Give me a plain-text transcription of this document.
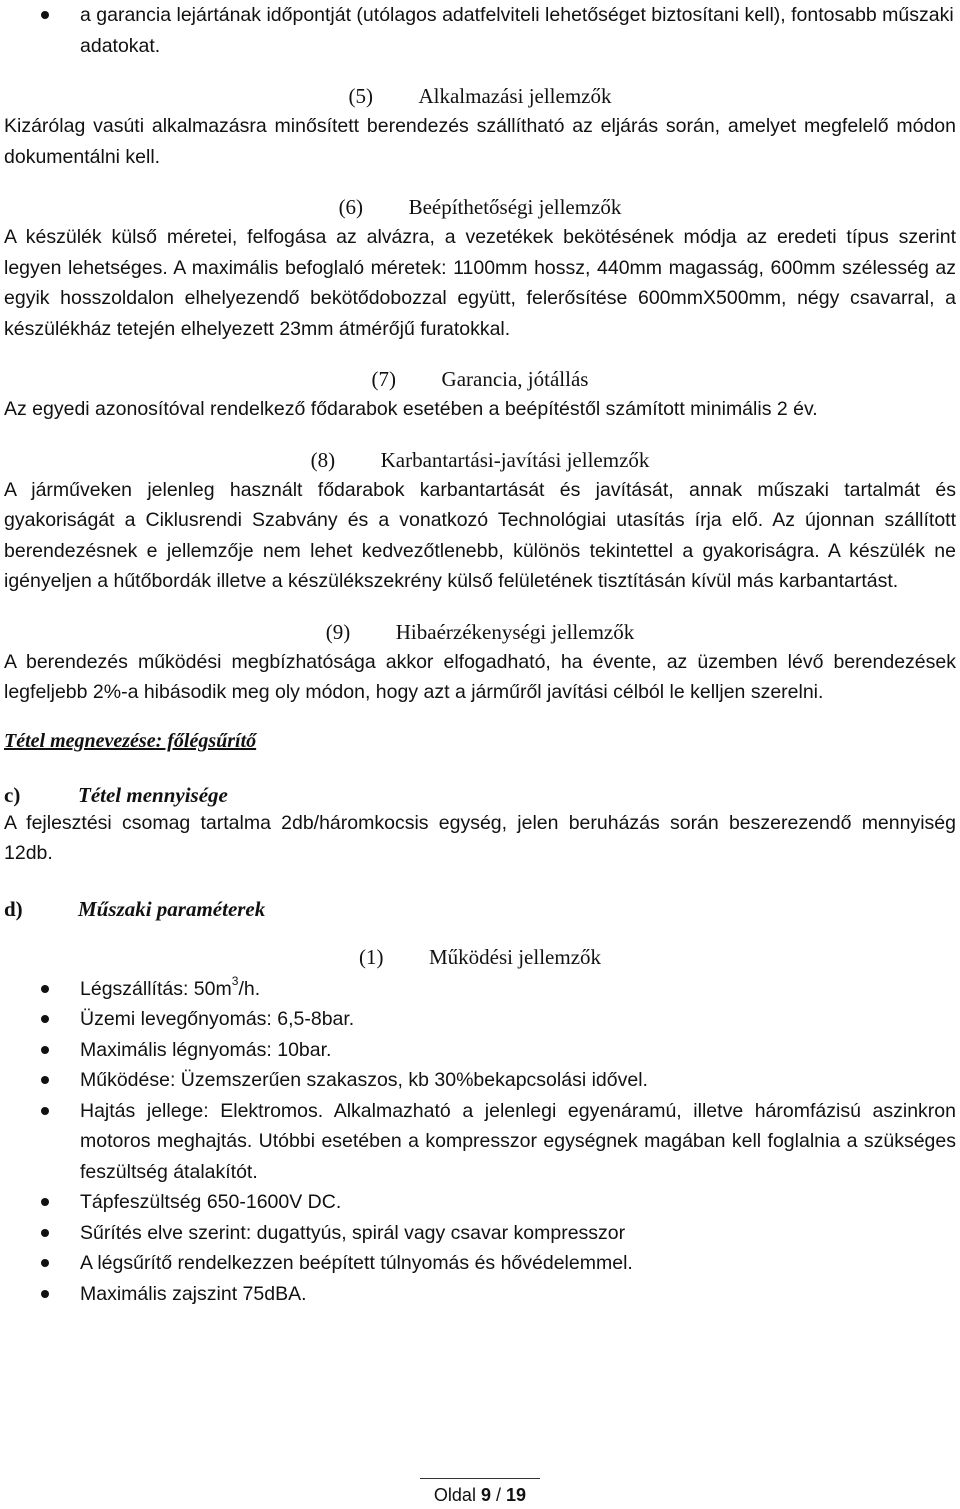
a garancia lejártának időpontját (utólagos adatfelviteli lehetőséget biztosítani kell), fontosabb műszaki adatokat.

(5) Alkalmazási jellemzők

Kizárólag vasúti alkalmazásra minősített berendezés szállítható az eljárás során, amelyet megfelelő módon dokumentálni kell.

(6) Beépíthetőségi jellemzők

A készülék külső méretei, felfogása az alvázra, a vezetékek bekötésének módja az eredeti típus szerint legyen lehetséges. A maximális befoglaló méretek: 1100mm hossz, 440mm magasság, 600mm szélesség az egyik hosszoldalon elhelyezendő bekötődobozzal együtt, felerősítése 600mmX500mm, négy csavarral, a készülékház tetején elhelyezett 23mm átmérőjű furatokkal.

(7) Garancia, jótállás

Az egyedi azonosítóval rendelkező fődarabok esetében a beépítéstől számított minimális 2 év.

(8) Karbantartási-javítási jellemzők

A járműveken jelenleg használt fődarabok karbantartását és javítását, annak műszaki tartalmát és gyakoriságát a Ciklusrendi Szabvány és a vonatkozó Technológiai utasítás írja elő. Az újonnan szállított berendezésnek e jellemzője nem lehet kedvezőtlenebb, különös tekintettel a gyakoriságra. A készülék ne igényeljen a hűtőbordák illetve a készülékszekrény külső felületének tisztításán kívül más karbantartást.

(9) Hibaérzékenységi jellemzők

A berendezés működési megbízhatósága akkor elfogadható, ha évente, az üzemben lévő berendezések legfeljebb 2%-a hibásodik meg oly módon, hogy azt a járműről javítási célból le kelljen szerelni.

Tétel megnevezése: főlégsűrítő

c)	Tétel mennyisége

A fejlesztési csomag tartalma 2db/háromkocsis egység, jelen beruházás során beszerezendő mennyiség 12db.

d)	Műszaki paraméterek

(1) Működési jellemzők

Légszállítás: $50m^3/h$.
Üzemi levegőnyomás: 6,5-8bar.
Maximális légnyomás: 10bar.
Működése: Üzemszerűen szakaszos, kb 30%bekapcsolási idővel.
Hajtás jellege: Elektromos. Alkalmazható a jelenlegi egyenáramú, illetve háromfázisú aszinkron motoros meghajtás. Utóbbi esetében a kompresszor egységnek magában kell foglalnia a szükséges feszültség átalakítót.
Tápfeszültség 650-1600V DC.
Sűrítés elve szerint: dugattyús, spirál vagy csavar kompresszor
A légsűrítő rendelkezzen beépített túlnyomás és hővédelemmel.
Maximális zajszint 75dBA.
Oldal 9 / 19
